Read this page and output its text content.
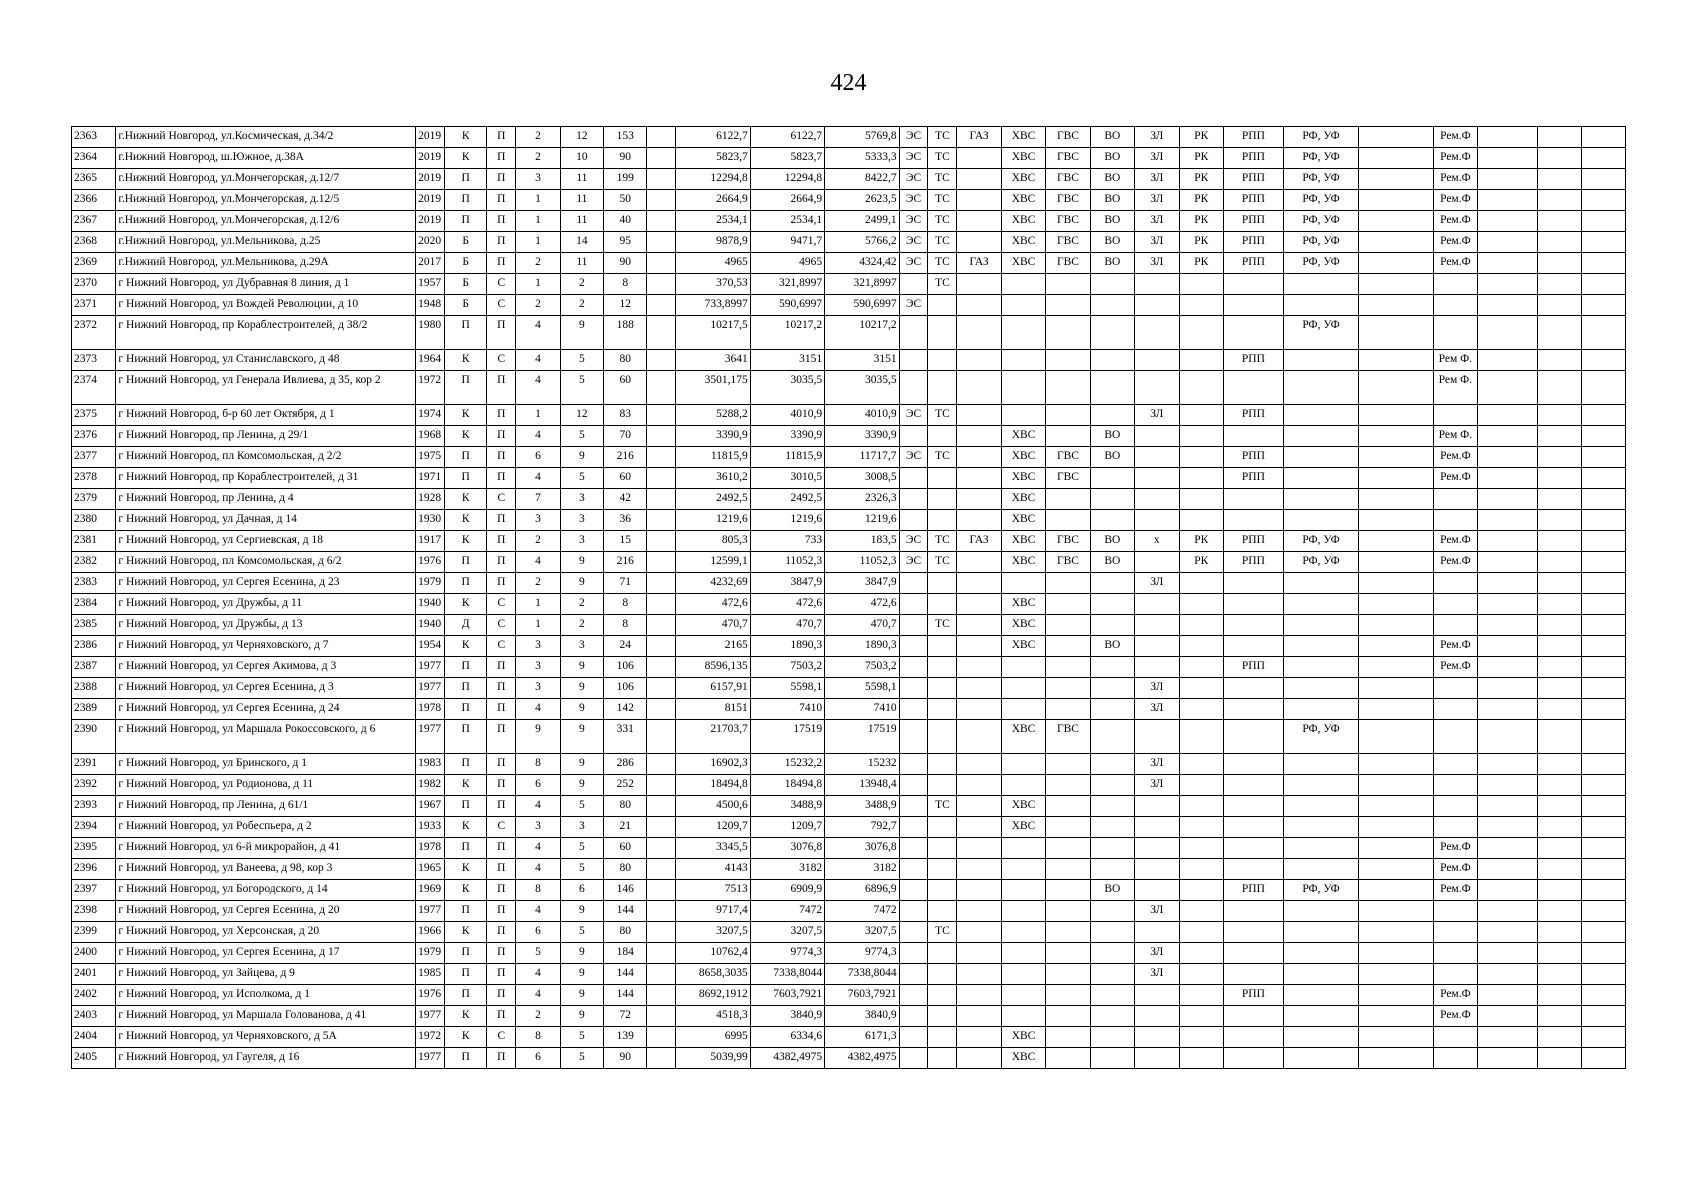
424
2363	г.Нижний Новгород, ул.Космическая, д.34/2	2019	К	П	2	12	153		6122,7	6122,7	5769,8	ЭС	ТС	ГАЗ	ХВС	ГВС	ВО	ЗЛ	РК	РПП	РФ, УФ		Рем.Ф			
2364	г.Нижний Новгород, ш.Южное, д.38А	2019	К	П	2	10	90		5823,7	5823,7	5333,3	ЭС	ТС		ХВС	ГВС	ВО	ЗЛ	РК	РПП	РФ, УФ		Рем.Ф			
2365	г.Нижний Новгород, ул.Мончегорская, д.12/7	2019	П	П	3	11	199		12294,8	12294,8	8422,7	ЭС	ТС		ХВС	ГВС	ВО	ЗЛ	РК	РПП	РФ, УФ		Рем.Ф			
2366	г.Нижний Новгород, ул.Мончегорская, д.12/5	2019	П	П	1	11	50		2664,9	2664,9	2623,5	ЭС	ТС		ХВС	ГВС	ВО	ЗЛ	РК	РПП	РФ, УФ		Рем.Ф			
2367	г.Нижний Новгород, ул.Мончегорская, д.12/6	2019	П	П	1	11	40		2534,1	2534,1	2499,1	ЭС	ТС		ХВС	ГВС	ВО	ЗЛ	РК	РПП	РФ, УФ		Рем.Ф			
2368	г.Нижний Новгород, ул.Мельникова, д.25	2020	Б	П	1	14	95		9878,9	9471,7	5766,2	ЭС	ТС		ХВС	ГВС	ВО	ЗЛ	РК	РПП	РФ, УФ		Рем.Ф			
2369	г.Нижний Новгород, ул.Мельникова, д.29А	2017	Б	П	2	11	90		4965	4965	4324,42	ЭС	ТС	ГАЗ	ХВС	ГВС	ВО	ЗЛ	РК	РПП	РФ, УФ		Рем.Ф			
2370	г Нижний Новгород, ул Дубравная 8 линия, д 1	1957	Б	С	1	2	8		370,53	321,8997	321,8997		ТС													
2371	г Нижний Новгород, ул Вождей Революции, д 10	1948	Б	С	2	2	12		733,8997	590,6997	590,6997	ЭС														
2372	г Нижний Новгород, пр Кораблестроителей, д 38/2	1980	П	П	4	9	188		10217,5	10217,2	10217,2										РФ, УФ					
2373	г Нижний Новгород, ул Станиславского, д 48	1964	К	С	4	5	80		3641	3151	3151									РПП			Рем Ф.			
2374	г Нижний Новгород, ул Генерала Ивлиева, д 35, кор 2	1972	П	П	4	5	60		3501,175	3035,5	3035,5												Рем Ф.			
2375	г Нижний Новгород, б-р 60 лет Октября, д 1	1974	К	П	1	12	83		5288,2	4010,9	4010,9	ЭС	ТС					ЗЛ		РПП						
2376	г Нижний Новгород, пр Ленина, д 29/1	1968	К	П	4	5	70		3390,9	3390,9	3390,9				ХВС		ВО						Рем Ф.			
2377	г Нижний Новгород, пл Комсомольская, д 2/2	1975	П	П	6	9	216		11815,9	11815,9	11717,7	ЭС	ТС		ХВС	ГВС	ВО			РПП			Рем.Ф			
2378	г Нижний Новгород, пр Кораблестроителей, д 31	1971	П	П	4	5	60		3610,2	3010,5	3008,5				ХВС	ГВС				РПП			Рем.Ф			
2379	г Нижний Новгород, пр Ленина, д 4	1928	К	С	7	3	42		2492,5	2492,5	2326,3				ХВС											
2380	г Нижний Новгород, ул Дачная, д 14	1930	К	П	3	3	36		1219,6	1219,6	1219,6				ХВС											
2381	г Нижний Новгород, ул Сергиевская, д 18	1917	К	П	2	3	15		805,3	733	183,5	ЭС	ТС	ГАЗ	ХВС	ГВС	ВО	х	РК	РПП	РФ, УФ		Рем.Ф			
2382	г Нижний Новгород, пл Комсомольская, д 6/2	1976	П	П	4	9	216		12599,1	11052,3	11052,3	ЭС	ТС		ХВС	ГВС	ВО		РК	РПП	РФ, УФ		Рем.Ф			
2383	г Нижний Новгород, ул Сергея Есенина, д 23	1979	П	П	2	9	71		4232,69	3847,9	3847,9							ЗЛ								
2384	г Нижний Новгород, ул Дружбы, д 11	1940	К	С	1	2	8		472,6	472,6	472,6				ХВС											
2385	г Нижний Новгород, ул Дружбы, д 13	1940	Д	С	1	2	8		470,7	470,7	470,7		ТС		ХВС											
2386	г Нижний Новгород, ул Черняховского, д 7	1954	К	С	3	3	24		2165	1890,3	1890,3				ХВС		ВО						Рем.Ф			
2387	г Нижний Новгород, ул Сергея Акимова, д 3	1977	П	П	3	9	106		8596,135	7503,2	7503,2									РПП			Рем.Ф			
2388	г Нижний Новгород, ул Сергея Есенина, д 3	1977	П	П	3	9	106		6157,91	5598,1	5598,1							ЗЛ								
2389	г Нижний Новгород, ул Сергея Есенина, д 24	1978	П	П	4	9	142		8151	7410	7410							ЗЛ								
2390	г Нижний Новгород, ул Маршала Рокоссовского, д 6	1977	П	П	9	9	331		21703,7	17519	17519				ХВС	ГВС					РФ, УФ					
2391	г Нижний Новгород, ул Бринского, д 1	1983	П	П	8	9	286		16902,3	15232,2	15232							ЗЛ								
2392	г Нижний Новгород, ул Родионова, д 11	1982	К	П	6	9	252		18494,8	18494,8	13948,4							ЗЛ								
2393	г Нижний Новгород, пр Ленина, д 61/1	1967	П	П	4	5	80		4500,6	3488,9	3488,9		ТС		ХВС											
2394	г Нижний Новгород, ул Робеспьера, д 2	1933	К	С	3	3	21		1209,7	1209,7	792,7				ХВС											
2395	г Нижний Новгород, ул 6-й микрорайон, д 41	1978	П	П	4	5	60		3345,5	3076,8	3076,8												Рем.Ф			
2396	г Нижний Новгород, ул Ванеева, д 98, кор 3	1965	К	П	4	5	80		4143	3182	3182												Рем.Ф			
2397	г Нижний Новгород, ул Богородского, д 14	1969	К	П	8	6	146		7513	6909,9	6896,9						ВО			РПП	РФ, УФ		Рем.Ф			
2398	г Нижний Новгород, ул Сергея Есенина, д 20	1977	П	П	4	9	144		9717,4	7472	7472							ЗЛ								
2399	г Нижний Новгород, ул Херсонская, д 20	1966	К	П	6	5	80		3207,5	3207,5	3207,5		ТС													
2400	г Нижний Новгород, ул Сергея Есенина, д 17	1979	П	П	5	9	184		10762,4	9774,3	9774,3							ЗЛ								
2401	г Нижний Новгород, ул Зайцева, д 9	1985	П	П	4	9	144		8658,3035	7338,8044	7338,8044							ЗЛ								
2402	г Нижний Новгород, ул Исполкома, д 1	1976	П	П	4	9	144		8692,1912	7603,7921	7603,7921									РПП			Рем.Ф			
2403	г Нижний Новгород, ул Маршала Голованова, д 41	1977	К	П	2	9	72		4518,3	3840,9	3840,9												Рем.Ф			
2404	г Нижний Новгород, ул Черняховского, д 5А	1972	К	С	8	5	139		6995	6334,6	6171,3				ХВС											
2405	г Нижний Новгород, ул Гаугеля, д 16	1977	П	П	6	5	90		5039,99	4382,4975	4382,4975				ХВС											
